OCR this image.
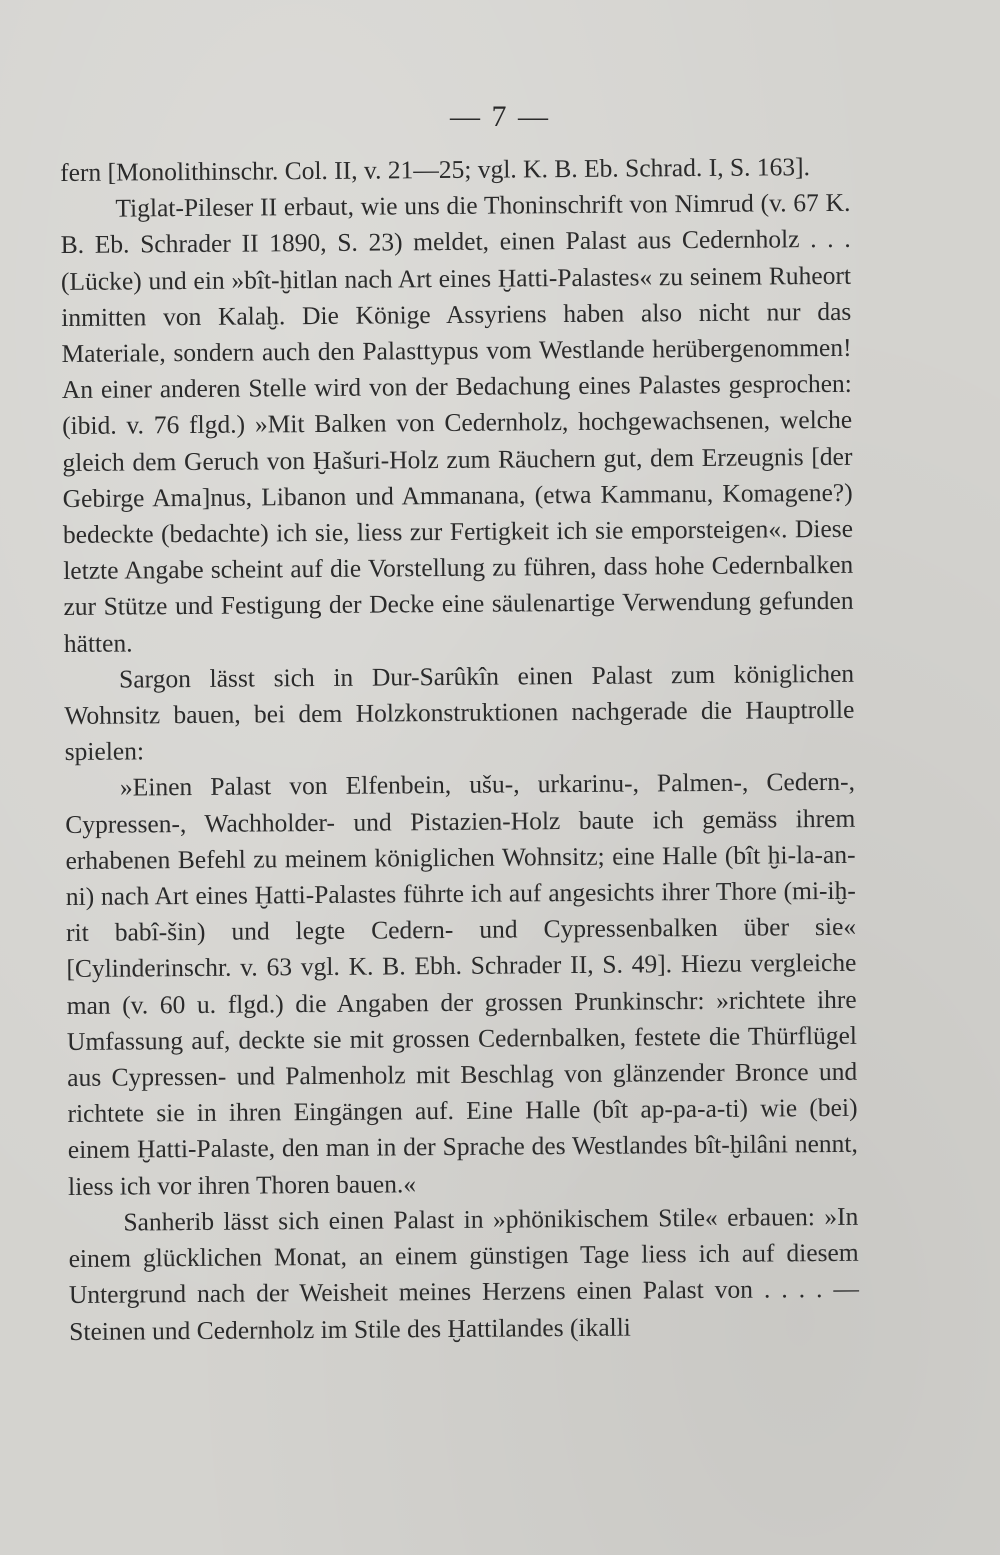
— 7 —

fern [Monolithinschr. Col. II, v. 21—25; vgl. K. B. Eb. Schrad. I, S. 163].

Tiglat-Pileser II erbaut, wie uns die Thoninschrift von Nimrud (v. 67 K. B. Eb. Schrader II 1890, S. 23) meldet, einen Palast aus Cedernholz . . . (Lücke) und ein »bît-ḫitlan nach Art eines Ḫatti-Palastes« zu seinem Ruheort inmitten von Kalaḫ. Die Könige Assyriens haben also nicht nur das Materiale, sondern auch den Palasttypus vom Westlande herübergenommen! An einer anderen Stelle wird von der Bedachung eines Palastes gesprochen: (ibid. v. 76 flgd.) »Mit Balken von Cedernholz, hochgewachsenen, welche gleich dem Geruch von Ḫašuri-Holz zum Räuchern gut, dem Erzeugnis [der Gebirge Ama]nus, Libanon und Ammanana, (etwa Kammanu, Komagene?) bedeckte (bedachte) ich sie, liess zur Fertigkeit ich sie emporsteigen«. Diese letzte Angabe scheint auf die Vorstellung zu führen, dass hohe Cedernbalken zur Stütze und Festigung der Decke eine säulenartige Verwendung gefunden hätten.

Sargon lässt sich in Dur-Sarûkîn einen Palast zum königlichen Wohnsitz bauen, bei dem Holzkonstruktionen nachgerade die Hauptrolle spielen:

»Einen Palast von Elfenbein, ušu-, urkarinu-, Palmen-, Cedern-, Cypressen-, Wachholder- und Pistazien-Holz baute ich gemäss ihrem erhabenen Befehl zu meinem königlichen Wohnsitz; eine Halle (bît ḫi-la-an-ni) nach Art eines Ḫatti-Palastes führte ich auf angesichts ihrer Thore (mi-iḫ-rit babî-šin) und legte Cedern- und Cypressenbalken über sie« [Cylinderinschr. v. 63 vgl. K. B. Ebh. Schrader II, S. 49]. Hiezu vergleiche man (v. 60 u. flgd.) die Angaben der grossen Prunkinschr: »richtete ihre Umfassung auf, deckte sie mit grossen Cedernbalken, festete die Thürflügel aus Cypressen- und Palmenholz mit Beschlag von glänzender Bronce und richtete sie in ihren Eingängen auf. Eine Halle (bît ap-pa-a-ti) wie (bei) einem Ḫatti-Palaste, den man in der Sprache des Westlandes bît-ḫilâni nennt, liess ich vor ihren Thoren bauen.«

Sanherib lässt sich einen Palast in »phönikischem Stile« erbauen: »In einem glücklichen Monat, an einem günstigen Tage liess ich auf diesem Untergrund nach der Weisheit meines Herzens einen Palast von . . . . — Steinen und Cedernholz im Stile des Ḫattilandes (ikalli
